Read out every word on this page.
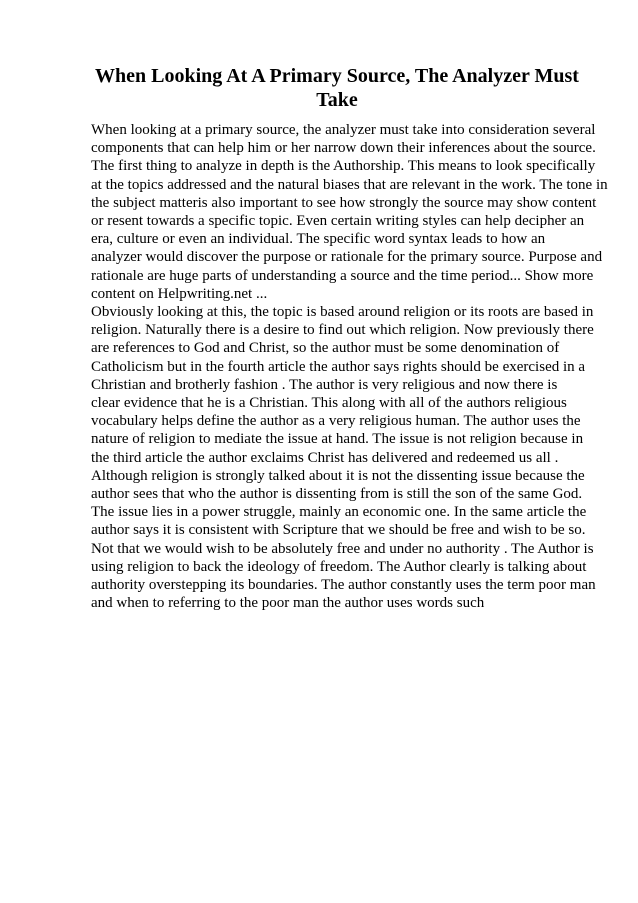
When Looking At A Primary Source, The Analyzer Must Take
When looking at a primary source, the analyzer must take into consideration several
components that can help him or her narrow down their inferences about the source.
The first thing to analyze in depth is the Authorship. This means to look specifically
at the topics addressed and the natural biases that are relevant in the work. The tone in
the subject matteris also important to see how strongly the source may show content
or resent towards a specific topic. Even certain writing styles can help decipher an
era, culture or even an individual. The specific word syntax leads to how an
analyzer would discover the purpose or rationale for the primary source. Purpose and
rationale are huge parts of understanding a source and the time period... Show more
content on Helpwriting.net ...
Obviously looking at this, the topic is based around religion or its roots are based in
religion. Naturally there is a desire to find out which religion. Now previously there
are references to God and Christ, so the author must be some denomination of
Catholicism but in the fourth article the author says rights should be exercised in a
Christian and brotherly fashion . The author is very religious and now there is
clear evidence that he is a Christian. This along with all of the authors religious
vocabulary helps define the author as a very religious human. The author uses the
nature of religion to mediate the issue at hand. The issue is not religion because in
the third article the author exclaims Christ has delivered and redeemed us all .
Although religion is strongly talked about it is not the dissenting issue because the
author sees that who the author is dissenting from is still the son of the same God.
The issue lies in a power struggle, mainly an economic one. In the same article the
author says it is consistent with Scripture that we should be free and wish to be so.
Not that we would wish to be absolutely free and under no authority . The Author is
using religion to back the ideology of freedom. The Author clearly is talking about
authority overstepping its boundaries. The author constantly uses the term poor man
and when to referring to the poor man the author uses words such
